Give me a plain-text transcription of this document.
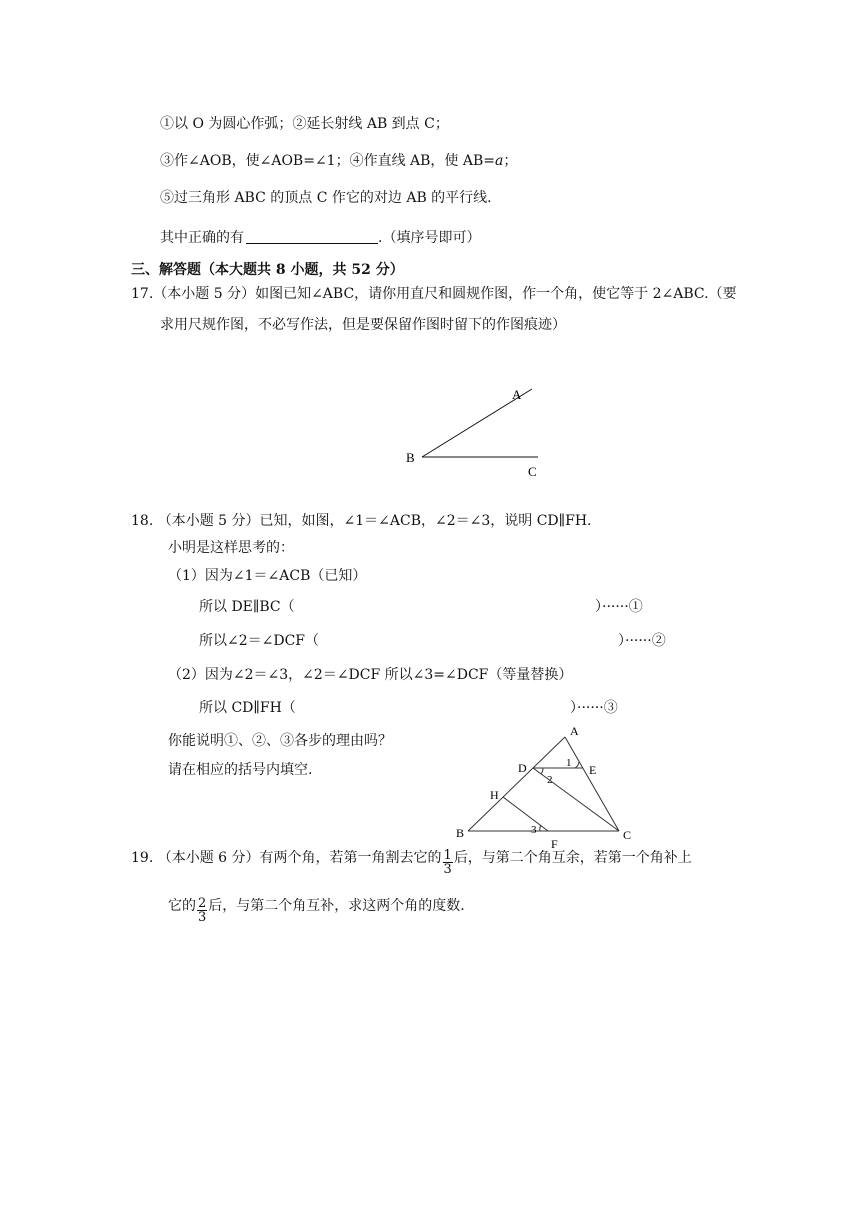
①以 O 为圆心作弧；②延长射线 AB 到点 C；
③作∠AOB，使∠AOB=∠1；④作直线 AB，使 AB=a；
⑤过三角形 ABC 的顶点 C 作它的对边 AB 的平行线.
其中正确的有	.（填序号即可）
三、解答题（本大题共 8 小题，共 52 分）
17.（本小题 5 分）如图已知∠ABC，请你用直尺和圆规作图，作一个角，使它等于 2∠ABC.（要
求用尺规作图，不必写作法，但是要保留作图时留下的作图痕迹）
A
B
C
18. （本小题 5 分）已知，如图，∠1＝∠ACB，∠2＝∠3，说明 CD∥FH.
小明是这样思考的：
（1）因为∠1＝∠ACB（已知）
所以 DE∥BC（	）······①
所以∠2＝∠DCF（	）······②
（2）因为∠2＝∠3，∠2＝∠DCF 所以∠3=∠DCF（等量替换）
所以 CD∥FH（	）······③
你能说明①、②、③各步的理由吗？
请在相应的括号内填空.
A
D	E
H
B
F
C
1
2
3
19. （本小题 6 分）有两个角，若第一角割去它的 $\frac{1}{3}$ 后，与第二个角互余，若第一个角补上
它的 $\frac{2}{3}$ 后，与第二个角互补，求这两个角的度数.
